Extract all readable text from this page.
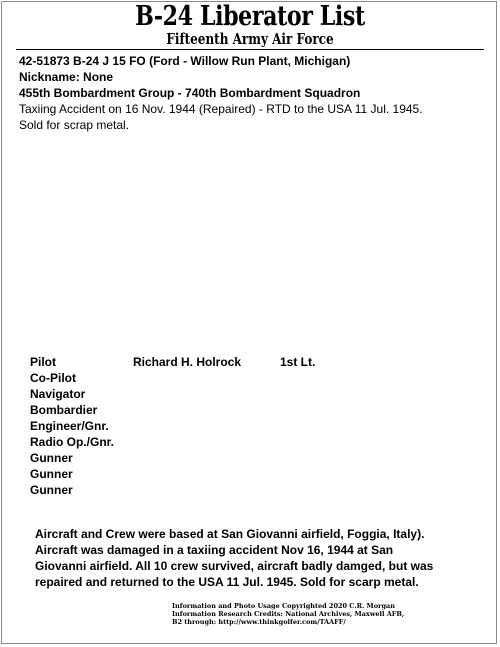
B-24 Liberator List
Fifteenth Army Air Force
42-51873 B-24 J 15 FO (Ford - Willow Run Plant, Michigan)
Nickname: None
455th Bombardment Group - 740th Bombardment Squadron
Taxiing Accident on 16 Nov. 1944 (Repaired) - RTD to the USA 11 Jul. 1945.
Sold for scrap metal.
Pilot	Richard H. Holrock	1st Lt.
Co-Pilot
Navigator
Bombardier
Engineer/Gnr.
Radio Op./Gnr.
Gunner
Gunner
Gunner
Aircraft and Crew were based at San Giovanni airfield, Foggia, Italy).
Aircraft was damaged in a taxiing accident Nov 16, 1944 at San
Giovanni airfield. All 10 crew survived, aircraft badly damged, but was
repaired and returned to the USA 11 Jul. 1945. Sold for scarp metal.
Information and Photo Usage Copyrighted 2020 C.R. Morgan
Information Research Credits: National Archives, Maxwell AFB,
B2 through: http://www.thinkgolfer.com/TAAFF/
